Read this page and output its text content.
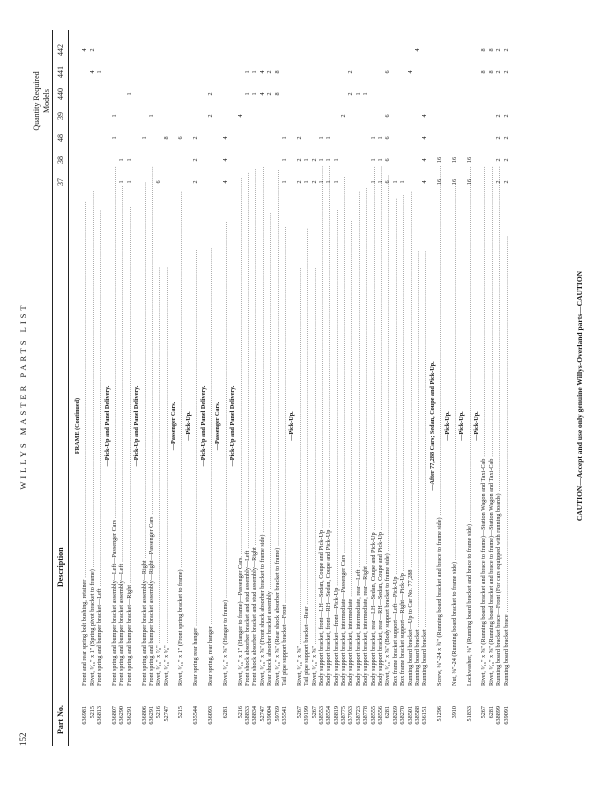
152
WILLYS MASTER PARTS LIST
Quantity Required Models
Part No.
Description
37
38
48
39
440
441
442
FRAME (Continued)
636981
Front and rear spring bolt bushing, retainer .....
4
5215
Rivet, ⁵⁄₁₆" x 1" (Spring pivot bracket to frame) .....
4
2
636813
Front spring and bumper bracket—Left .....
1
—Pick-Up and Panel Delivery.
636807
Front spring and bumper bracket assembly—Left—Passenger Cars .....
1
1
636290
Front spring and bumper bracket assembly—Left .....
1
1
636291
Front spring and bumper bracket—Right .....
1
1
1
—Pick-Up and Panel Delivery.
636806
Front spring and bumper bracket assembly—Right .....
1
636291
Front spring and bumper bracket assembly—Right—Passenger Cars .....
1
5216
Rivet, ⁵⁄₁₆" x ⁷⁄₈" .....
6
52747
Rivet, ⁵⁄₁₆" x ⁵⁄₈" .....
8
—Passenger Cars.
5215
Rivet, ⁵⁄₁₆" x 1" (Front spring bracket to frame) .....
6
—Pick-Up.
635544
Rear spring rear hanger .....
2
2
2
—Pick-Up and Panel Delivery.
636093
Rear spring, rear hanger .....
2
2
—Passenger Cars.
6281
Rivet, ⁵⁄₁₆" x ⅝" (Hanger to frame) .....
4
4
4
—Pick-Up and Panel Delivery.
5216
Rivet, ⁵⁄₁₆" x 1" (Hanger to frame)—Passenger Cars. .....
4
638833
Front shock absorber bracket and stud assembly—Left .....
1
1
638834
Front shock absorber bracket and stud assembly—Right .....
1
1
52747
Rivet, ⁵⁄₁₆" x ⅝" (Front shock absorber bracket to frame side) .....
4
4
639004
Rear shock absorber bracket assembly .....
2
2
59769
Rivet, ⁵⁄₁₆" x ⅝" (Rear shock absorber bracket to frame) .....
8
8
635541
Tail pipe support bracket—Front .....
1
1
1
—Pick-Up.
5267
Rivet, ⁵⁄₁₆" x ⅝" .....
2
2
2
639199
Tail pipe support bracket—Rear .....
1
1
5267
Rivet, ⁵⁄₁₆" x ⅝" .....
2
2
638553
Body support bracket, front—LH—Sedan, Coupe and Pick-Up .....
1
1
1
638554
Body support bracket, front—RH—Sedan, Coupe and Pick-Up .....
1
1
1
638819
Body support bracket—front—Pick-Up .....
1
1
638775
Body support bracket, intermediate—Passenger Cars .....
2
637933
Body support bracket, intermediate .....
2
2
638723
Body support bracket, intermediate, rear—Left .....
1
638778
Body support bracket, intermediate, rear—Right .....
1
638555
Body support bracket, rear—LH—Sedan, Coupe and Pick-Up .....
1
1
1
638556
Body support bracket, rear—RH—Sedan, Coupe and Pick-Up .....
1
1
1
6281
Rivet, ⁵⁄₁₆" x ⅝" (Body support bracket to frame side) .....
6
6
6
6
6
638269
Box frame bracket support—Left—Pick-Up .....
1
638270
Box frame bracket support—Right—Pick-Up .....
1
638501
Running board bracket—Up to Car No. 77,288 .....
4
638588
Running board bracket .....
4
636151
Running board bracket .....
4
4
4
4
—After 77,288 Cars; Sedan, Coupe and Pick-Up.
51296
Screw, ⅜"-24 x ¾" (Running board bracket and brace to frame side) .....
16
16
—Pick-Up.
3910
Nut, ⅜"-24 (Running board bracket to frame side) .....
16
16
—Pick-Up.
51833
Lockwasher, ⅜" (Running board bracket and brace to frame side) .....
16
16
—Pick-Up.
5267
Rivet, ⁵⁄₁₆" x ⅝" (Running board bracket and brace to frame)—Station Wagon and Taxi-Cab .....
8
8
6281
Rivet, ⁵⁄₁₆" x ⅝" (Running board bracket and brace to frame)—Station Wagon and Taxi-Cab .....
8
8
638899
Running board bracket brace—Front (For cars equipped with running boards) .....
2
2
2
2
2
2
639091
Running board bracket brace .....
2
2
2
2
2
2
CAUTION—Accept and use only genuine Willys-Overland parts—CAUTION
